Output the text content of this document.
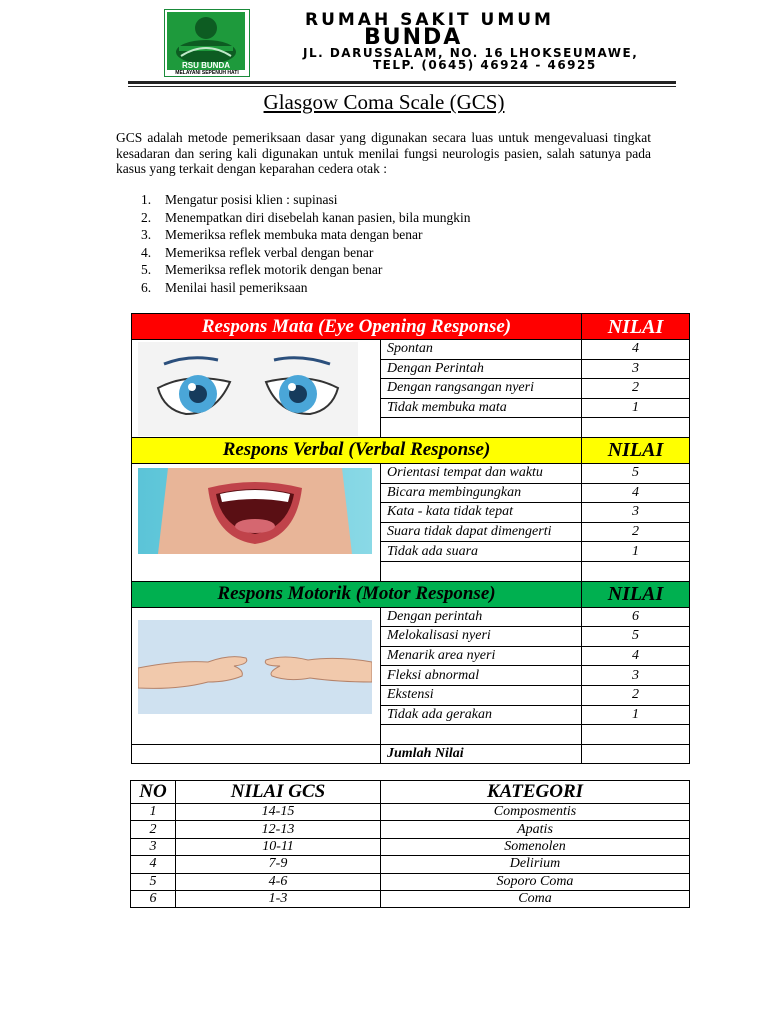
RSU BUNDA
MELAYANI SEPENUH HATI
RUMAH SAKIT UMUM
BUNDA
JL. DARUSSALAM, NO. 16 LHOKSEUMAWE,
TELP. (0645) 46924 - 46925
Glasgow Coma Scale (GCS)
GCS adalah metode pemeriksaan dasar yang digunakan secara luas untuk mengevaluasi tingkat kesadaran dan sering kali digunakan untuk menilai fungsi neurologis pasien, salah satunya pada kasus yang terkait dengan keparahan cedera otak :
1. Mengatur posisi klien : supinasi
2. Menempatkan diri disebelah kanan pasien, bila mungkin
3. Memeriksa reflek membuka mata dengan benar
4. Memeriksa reflek verbal dengan benar
5. Memeriksa reflek motorik dengan benar
6. Menilai hasil pemeriksaan
Respons Mata (Eye Opening Response)		NILAI

	Spontan	4
	Dengan Perintah	3
	Dengan rangsangan nyeri	2
	Tidak membuka mata	1

Respons Verbal (Verbal Response)		NILAI

	Orientasi tempat dan waktu	5
	Bicara membingungkan	4
	Kata - kata tidak tepat	3
	Suara tidak dapat dimengerti	2
	Tidak ada suara	1

Respons Motorik (Motor Response)		NILAI

	Dengan perintah	6
	Melokalisasi nyeri	5
	Menarik area nyeri	4
	Fleksi abnormal	3
	Ekstensi	2
	Tidak ada gerakan	1

	Jumlah Nilai	
NO	NILAI GCS	KATEGORI
1	14-15	Composmentis
2	12-13	Apatis
3	10-11	Somenolen
4	7-9	Delirium
5	4-6	Soporo Coma
6	1-3	Coma
